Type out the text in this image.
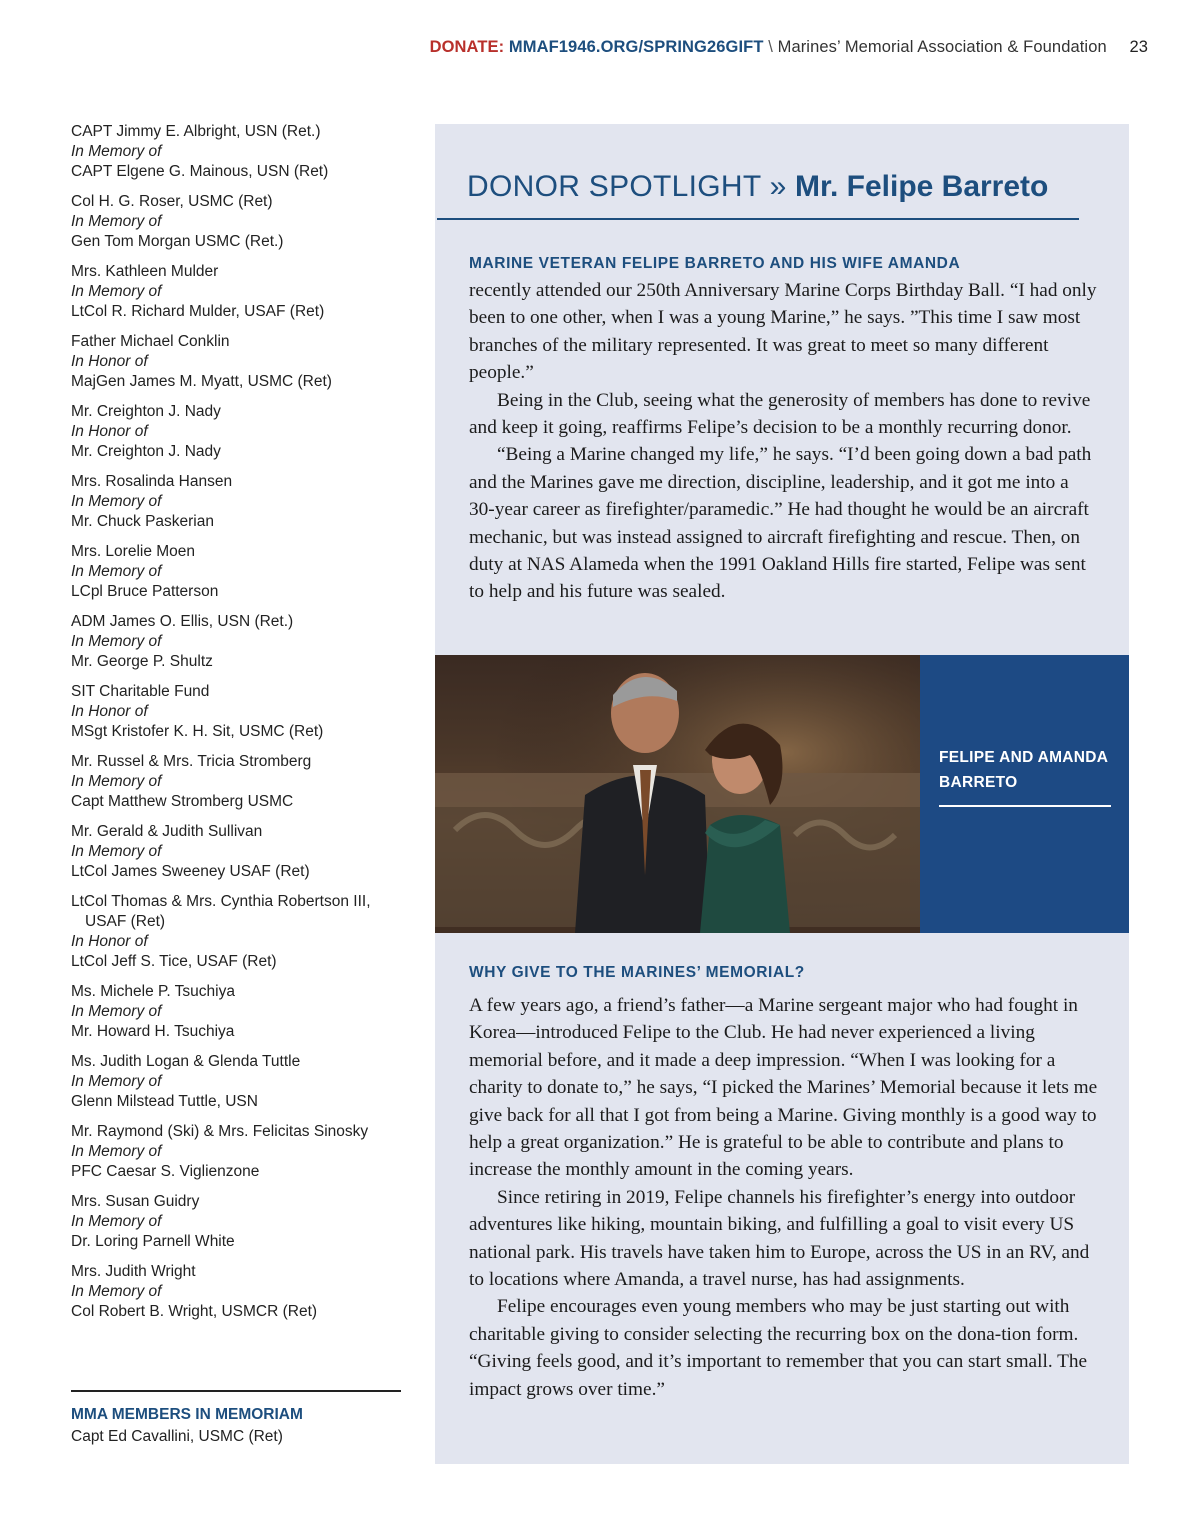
DONATE: MMAF1946.ORG/SPRING26GIFT \ Marines’ Memorial Association & Foundation 23
CAPT Jimmy E. Albright, USN (Ret.)
In Memory of
CAPT Elgene G. Mainous, USN (Ret)
Col H. G. Roser, USMC (Ret)
In Memory of
Gen Tom Morgan USMC (Ret.)
Mrs. Kathleen Mulder
In Memory of
LtCol R. Richard Mulder, USAF (Ret)
Father Michael Conklin
In Honor of
MajGen James M. Myatt, USMC (Ret)
Mr. Creighton J. Nady
In Honor of
Mr. Creighton J. Nady
Mrs. Rosalinda Hansen
In Memory of
Mr. Chuck Paskerian
Mrs. Lorelie Moen
In Memory of
LCpl Bruce Patterson
ADM James O. Ellis, USN (Ret.)
In Memory of
Mr. George P. Shultz
SIT Charitable Fund
In Honor of
MSgt Kristofer K. H. Sit, USMC (Ret)
Mr. Russel & Mrs. Tricia Stromberg
In Memory of
Capt Matthew Stromberg USMC
Mr. Gerald & Judith Sullivan
In Memory of
LtCol James Sweeney USAF (Ret)
LtCol Thomas & Mrs. Cynthia Robertson III,
USAF (Ret)
In Honor of
LtCol Jeff S. Tice, USAF (Ret)
Ms. Michele P. Tsuchiya
In Memory of
Mr. Howard H. Tsuchiya
Ms. Judith Logan & Glenda Tuttle
In Memory of
Glenn Milstead Tuttle, USN
Mr. Raymond (Ski) & Mrs. Felicitas Sinosky
In Memory of
PFC Caesar S. Viglienzone
Mrs. Susan Guidry
In Memory of
Dr. Loring Parnell White
Mrs. Judith Wright
In Memory of
Col Robert B. Wright, USMCR (Ret)
MMA MEMBERS IN MEMORIAM
Capt Ed Cavallini, USMC (Ret)
DONOR SPOTLIGHT » Mr. Felipe Barreto
MARINE VETERAN FELIPE BARRETO AND HIS WIFE AMANDA

recently attended our 250th Anniversary Marine Corps Birthday Ball. “I had only been to one other, when I was a young Marine,” he says. ”This time I saw most branches of the military represented. It was great to meet so many different people.”

Being in the Club, seeing what the generosity of members has done to revive and keep it going, reaffirms Felipe’s decision to be a monthly recurring donor.

“Being a Marine changed my life,” he says. “I’d been going down a bad path and the Marines gave me direction, discipline, leadership, and it got me into a 30-year career as firefighter/paramedic.” He had thought he would be an aircraft mechanic, but was instead assigned to aircraft firefighting and rescue. Then, on duty at NAS Alameda when the 1991 Oakland Hills fire started, Felipe was sent to help and his future was sealed.

FELIPE AND AMANDA BARRETO
WHY GIVE TO THE MARINES’ MEMORIAL?

A few years ago, a friend’s father—a Marine sergeant major who had fought in Korea—introduced Felipe to the Club. He had never experienced a living memorial before, and it made a deep impression. “When I was looking for a charity to donate to,” he says, “I picked the Marines’ Memorial because it lets me give back for all that I got from being a Marine. Giving monthly is a good way to help a great organization.” He is grateful to be able to contribute and plans to increase the monthly amount in the coming years.

Since retiring in 2019, Felipe channels his firefighter’s energy into outdoor adventures like hiking, mountain biking, and fulfilling a goal to visit every US national park. His travels have taken him to Europe, across the US in an RV, and to locations where Amanda, a travel nurse, has had assignments.

Felipe encourages even young members who may be just starting out with charitable giving to consider selecting the recurring box on the dona-tion form. “Giving feels good, and it’s important to remember that you can start small. The impact grows over time.”
